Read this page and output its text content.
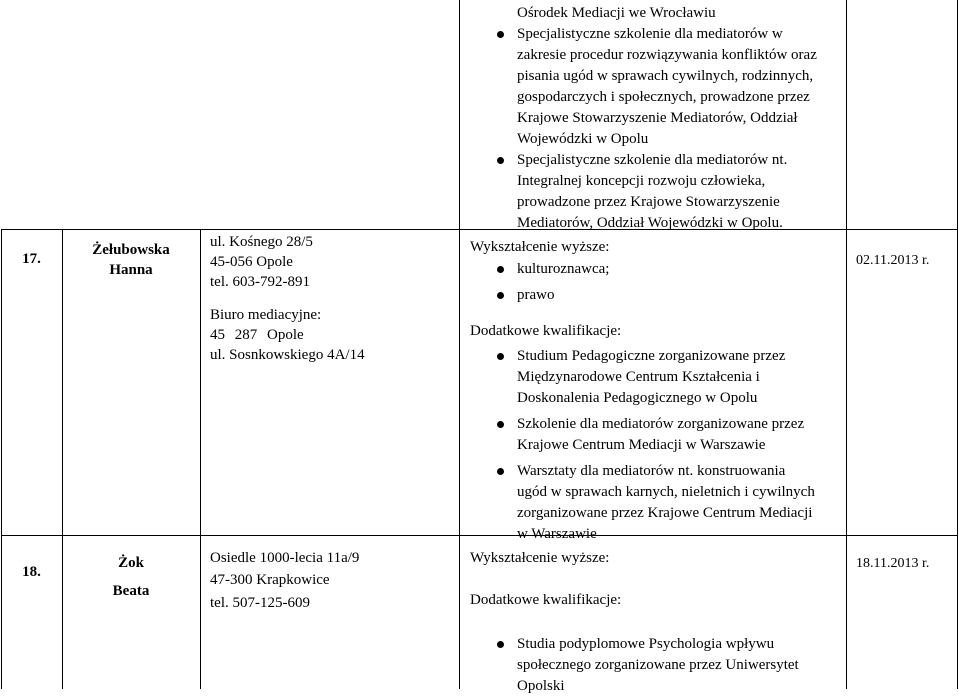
Ośrodek Mediacji we Wrocławiu
Specjalistyczne szkolenie dla mediatorów w
zakresie procedur rozwiązywania konfliktów oraz
pisania ugód w sprawach cywilnych, rodzinnych,
gospodarczych i społecznych, prowadzone przez
Krajowe Stowarzyszenie Mediatorów, Oddział
Wojewódzki w Opolu
Specjalistyczne szkolenie dla mediatorów nt.
Integralnej koncepcji rozwoju człowieka,
prowadzone przez Krajowe Stowarzyszenie
Mediatorów, Oddział Wojewódzki w Opolu.
17.
Żełubowska
Hanna
ul. Kośnego 28/5
45-056 Opole
tel. 603-792-891
Biuro mediacyjne:
45 287 Opole
ul. Sosnkowskiego 4A/14
Wykształcenie wyższe:
kulturoznawca;
prawo
Dodatkowe kwalifikacje:
Studium Pedagogiczne zorganizowane przez
Międzynarodowe Centrum Kształcenia i
Doskonalenia Pedagogicznego w Opolu
Szkolenie dla mediatorów zorganizowane przez
Krajowe Centrum Mediacji w Warszawie
Warsztaty dla mediatorów nt. konstruowania
ugód w sprawach karnych, nieletnich i cywilnych
zorganizowane przez Krajowe Centrum Mediacji
w Warszawie
02.11.2013 r.
18.
Żok
Beata
Osiedle 1000-lecia 11a/9
47-300 Krapkowice
tel. 507-125-609
Wykształcenie wyższe:
Dodatkowe kwalifikacje:
Studia podyplomowe Psychologia wpływu
społecznego zorganizowane przez Uniwersytet
Opolski
18.11.2013 r.
